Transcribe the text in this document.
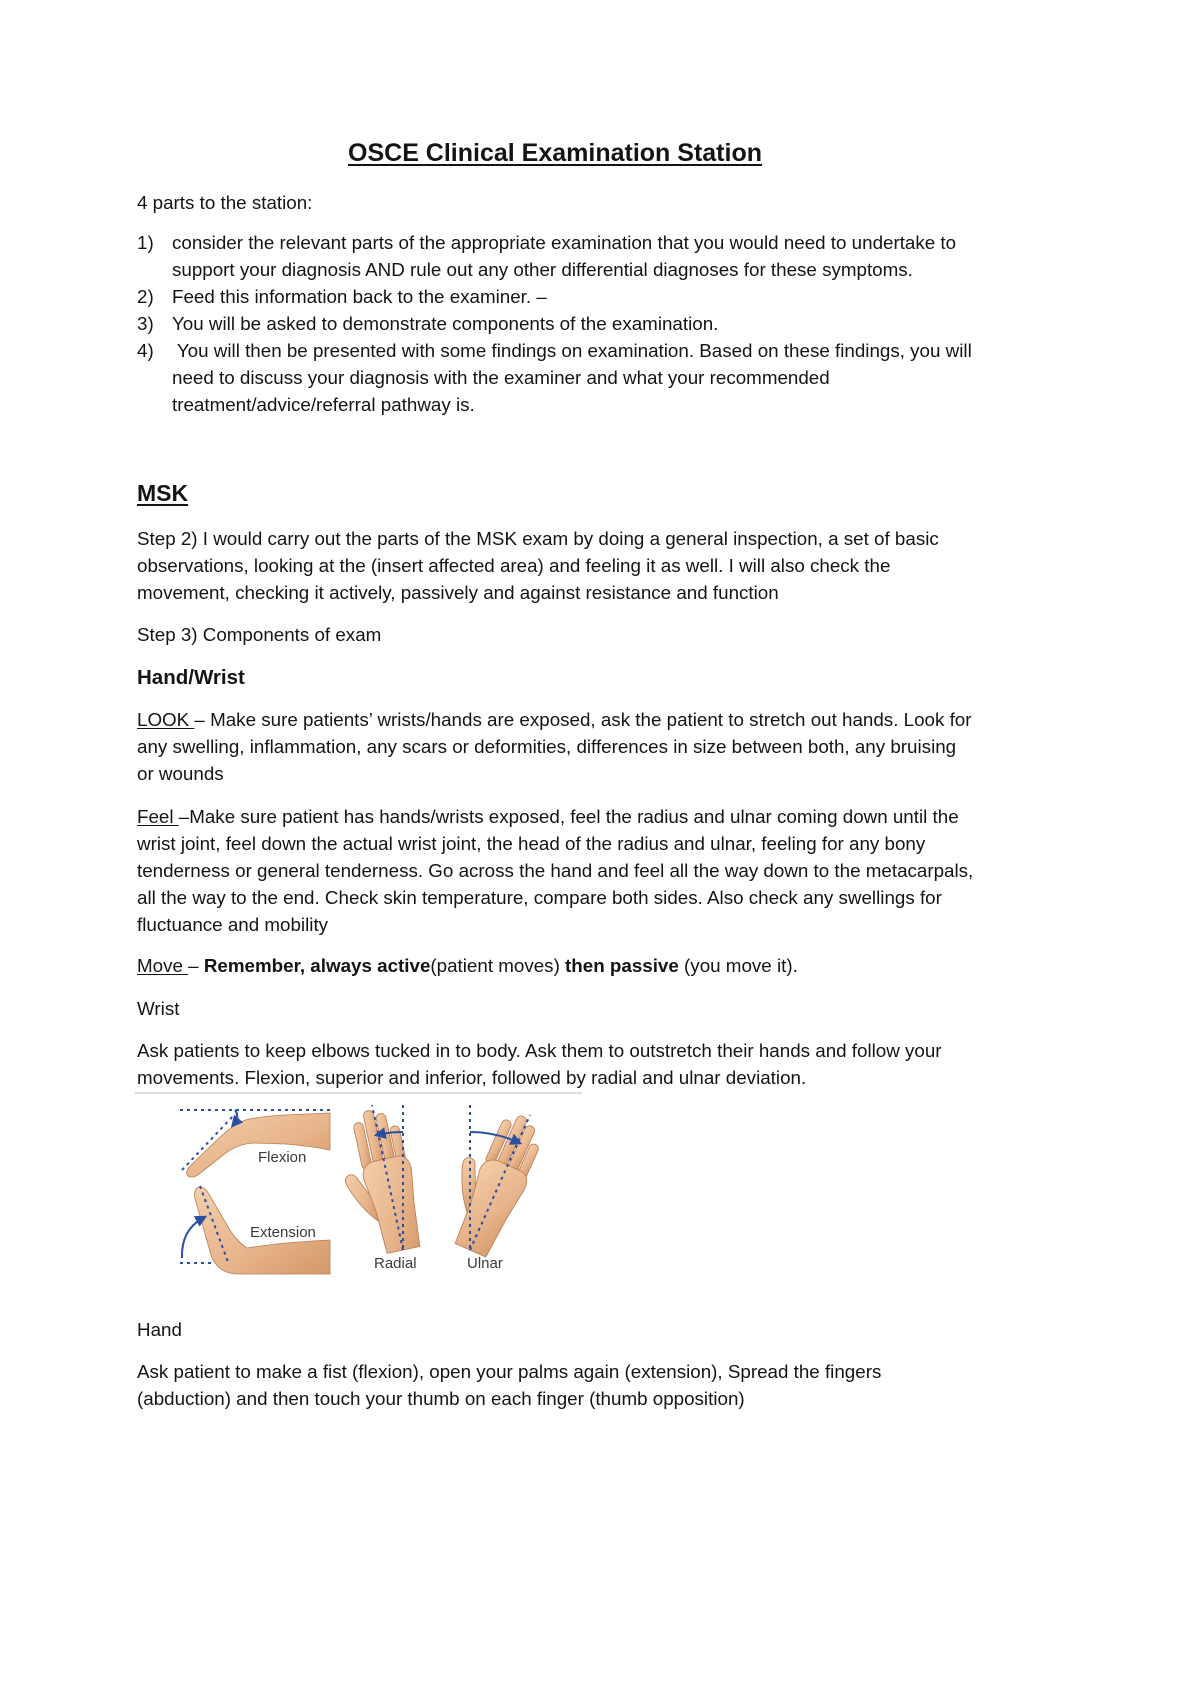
OSCE Clinical Examination Station
4 parts to the station:
1) consider the relevant parts of the appropriate examination that you would need to undertake to
support your diagnosis AND rule out any other differential diagnoses for these symptoms.
2) Feed this information back to the examiner. –
3) You will be asked to demonstrate components of the examination.
4) You will then be presented with some findings on examination. Based on these findings, you will
need to discuss your diagnosis with the examiner and what your recommended
treatment/advice/referral pathway is.
MSK
Step 2) I would carry out the parts of the MSK exam by doing a general inspection, a set of basic
observations, looking at the (insert affected area) and feeling it as well. I will also check the
movement, checking it actively, passively and against resistance and function
Step 3) Components of exam
Hand/Wrist
LOOK – Make sure patients’ wrists/hands are exposed, ask the patient to stretch out hands. Look for
any swelling, inflammation, any scars or deformities, differences in size between both, any bruising
or wounds
Feel –Make sure patient has hands/wrists exposed, feel the radius and ulnar coming down until the
wrist joint, feel down the actual wrist joint, the head of the radius and ulnar, feeling for any bony
tenderness or general tenderness. Go across the hand and feel all the way down to the metacarpals,
all the way to the end. Check skin temperature, compare both sides. Also check any swellings for
fluctuance and mobility
Move – Remember, always active(patient moves) then passive (you move it).
Wrist
Ask patients to keep elbows tucked in to body. Ask them to outstretch their hands and follow your
movements. Flexion, superior and inferior, followed by radial and ulnar deviation.
Flexion
Extension
Radial	Ulnar
Hand
Ask patient to make a fist (flexion), open your palms again (extension), Spread the fingers
(abduction) and then touch your thumb on each finger (thumb opposition)
